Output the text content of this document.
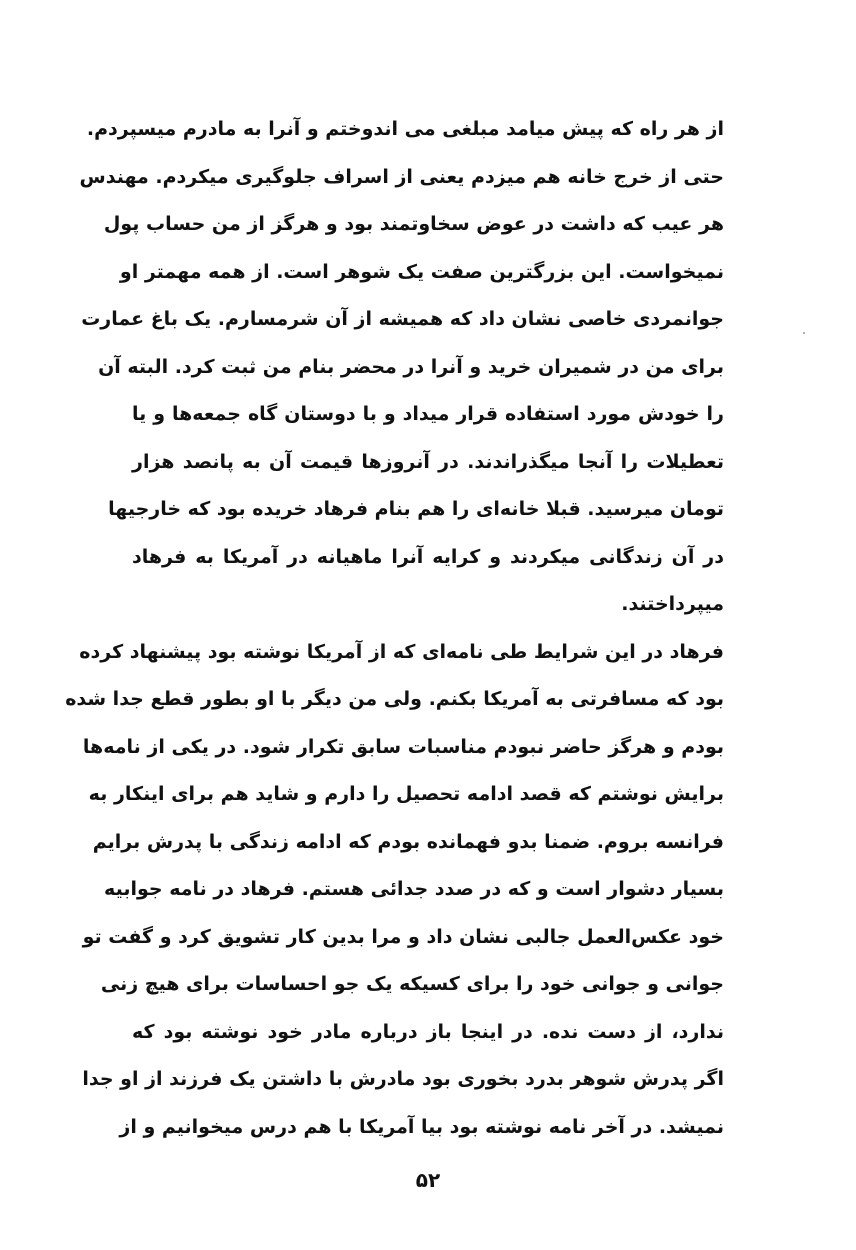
از هر راه که پیش میامد مبلغی می اندوختم و آنرا به مادرم میسپردم.
حتی از خرج خانه هم میزدم یعنی از اسراف جلوگیری میکردم. مهندس
هر عیب که داشت در عوض سخاوتمند بود و هرگز از من حساب پول
نمیخواست. این بزرگترین صفت یک شوهر است. از همه مهمتر او
جوانمردی خاصی نشان داد که همیشه از آن شرمسارم. یک باغ عمارت
برای من در شمیران خرید و آنرا در محضر بنام من ثبت کرد. البته آن
را خودش مورد استفاده قرار میداد و با دوستان گاه جمعه‌ها و یا
تعطیلات را آنجا میگذراندند. در آنروزها قیمت آن به پانصد هزار
تومان میرسید. قبلا خانه‌ای را هم بنام فرهاد خریده بود که خارجیها
در آن زندگانی میکردند و کرایه آنرا ماهیانه در آمریکا به فرهاد
میپرداختند.
فرهاد در این شرایط طی نامه‌ای که از آمریکا نوشته بود پیشنهاد کرده
بود که مسافرتی به آمریکا بکنم. ولی من دیگر با او بطور قطع جدا شده
بودم و هرگز حاضر نبودم مناسبات سابق تکرار شود. در یکی از نامه‌ها
برایش نوشتم که قصد ادامه تحصیل را دارم و شاید هم برای اینکار به
فرانسه بروم. ضمنا بدو فهمانده بودم که ادامه زندگی با پدرش برایم
بسیار دشوار است و که در صدد جدائی هستم. فرهاد در نامه جوابیه
خود عکس‌العمل جالبی نشان داد و مرا بدین کار تشویق کرد و گفت تو
جوانی و جوانی خود را برای کسیکه یک جو احساسات برای هیچ زنی
ندارد، از دست نده. در اینجا باز درباره مادر خود نوشته بود که
اگر پدرش شوهر بدرد بخوری بود مادرش با داشتن یک فرزند از او جدا
نمیشد. در آخر نامه نوشته بود بیا آمریکا با هم درس میخوانیم و از
۵۲
